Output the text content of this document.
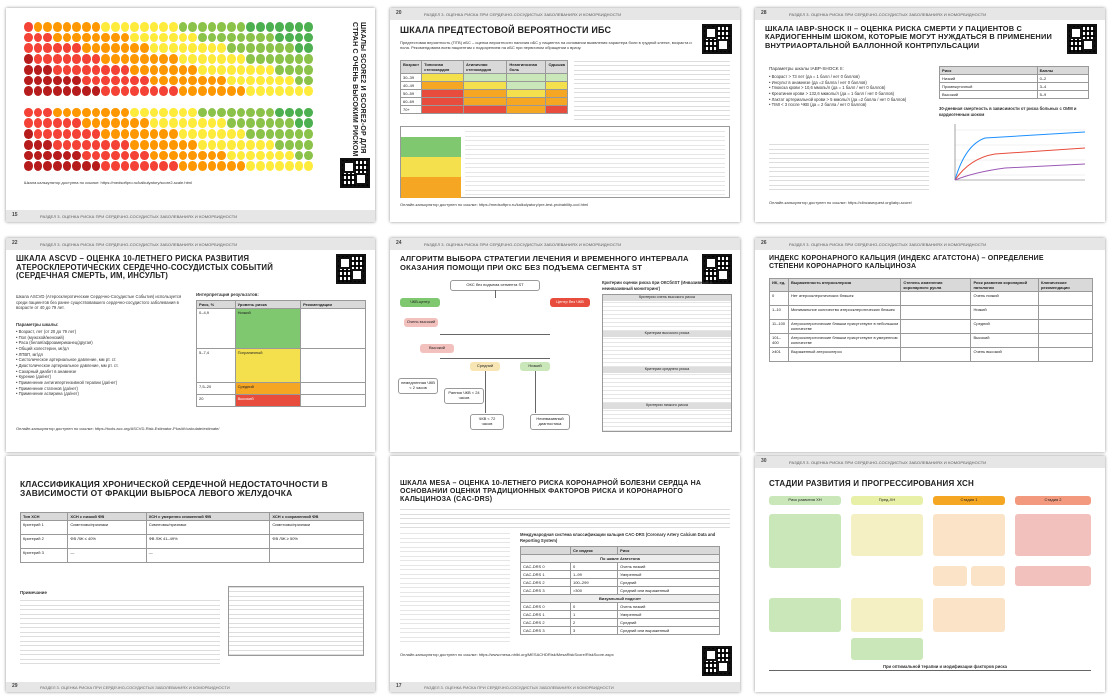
РАЗДЕЛ 3. ОЦЕНКА РИСКА ПРИ СЕРДЕЧНО-СОСУДИСТЫХ ЗАБОЛЕВАНИЯХ И КОМОРБИДНОСТИ
15
ШКАЛЫ SCORE2 И SCORE2-OP ДЛЯ СТРАН С ОЧЕНЬ ВЫСОКИМ РИСКОМ
Шкала калькулятор доступна по ссылке: https://medsoftpro.ru/kalkulyatory/score2-scale.html
РАЗДЕЛ 3. ОЦЕНКА РИСКА ПРИ СЕРДЕЧНО-СОСУДИСТЫХ ЗАБОЛЕВАНИЯХ И КОМОРБИДНОСТИ
20
ШКАЛА ПРЕДТЕСТОВОЙ ВЕРОЯТНОСТИ ИБС
Предтестовая вероятность (ПТВ) иБС – оценка вероятности наличия иБС у пациента на основании выявления характера боли в грудной клетке, возраста и пола. Рекомендована всем пациентам с подозрением на иБС при первичном обращении к врачу.
Возраст	Типичная стенокардия	Атипичная стенокардия	Неангинозная боль	Одышка
30–39				
40–49				
50–59				
60–69				
70+				
Онлайн-калькулятор доступен по ссылке: https://medsoftpro.ru/kalkulyatory/pre-test-probability-ccd.html
РАЗДЕЛ 3. ОЦЕНКА РИСКА ПРИ СЕРДЕЧНО-СОСУДИСТЫХ ЗАБОЛЕВАНИЯХ И КОМОРБИДНОСТИ
28
ШКАЛА IABP-SHOCK II – ОЦЕНКА РИСКА СМЕРТИ У ПАЦИЕНТОВ С КАРДИОГЕННЫМ ШОКОМ, КОТОРЫЕ МОГУТ НУЖДАТЬСЯ В ПРИМЕНЕНИИ ВНУТРИАОРТАЛЬНОЙ БАЛЛОННОЙ КОНТРПУЛЬСАЦИИ
Параметры шкалы IABP-SHOCK II:
• Возраст > 73 лет (да = 1 балл / нет 0 баллов)
• Инсульт в анамнезе (да =2 балла / нет 0 баллов)
• Глюкоза крови > 10,6 ммоль/л (да = 1 балл / нет 0 баллов)
• Креатинин крови > 132,6 мкмоль/л (да = 1 балл / нет 0 баллов)
• Лактат артериальной крови > 5 ммоль/л (да =2 балла / нет 0 баллов)
• ТIMI < 3 после ЧКВ (да = 2 балла / нет 0 баллов)
Риск	Баллы
Низкий	0–2
Промежуточный	3–4
Высокий	5–9
30-дневная смертность в зависимости от риска больных с ОИМ и кардиогенным шоком
Онлайн-калькулятор доступен по ссылке: https://clincasequest.org/iabp-score/
РАЗДЕЛ 3. ОЦЕНКА РИСКА ПРИ СЕРДЕЧНО-СОСУДИСТЫХ ЗАБОЛЕВАНИЯХ И КОМОРБИДНОСТИ
22
ШКАЛА ASCVD – ОЦЕНКА 10-ЛЕТНЕГО РИСКА РАЗВИТИЯ АТЕРОСКЛЕРОТИЧЕСКИХ СЕРДЕЧНО-СОСУДИСТЫХ СОБЫТИЙ (СЕРДЕЧНАЯ СМЕРТЬ, ИМ, ИНСУЛЬТ)
Шкала ASCVD (Атеросклеротические Сердечно-Сосудистые События) используется среди пациентов без ранее существовавшего сердечно-сосудистого заболевания в возрасте от 40 до 79 лет.
Параметры шкалы:
• Возраст, лет (от 20 до 79 лет)
• Пол (мужской/женский)
• Раса (белая/афроамериканец/другая)
• Общий холестерин, мг/дл
• ЛПВП, мг/дл
• Систолическое артериальное давление, мм рт. ст.
• Диастолическое артериальное давление, мм рт. ст.
• Сахарный диабет в анамнезе
• Курение (да/нет)
• Применение антигипертензивной терапии (да/нет)
• Применение статинов (да/нет)
• Применение аспирина (да/нет)
Интерпретация результатов:
Риск, %	Уровень риска	Рекомендации
0–4,9	Низкий	
5–7,4	Пограничный	
7,5–20	Средний	
20	Высокий	
Онлайн-калькулятор доступен по ссылке: https://tools.acc.org/ASCVD-Risk-Estimator-Plus/#!/calculate/estimate/
РАЗДЕЛ 3. ОЦЕНКА РИСКА ПРИ СЕРДЕЧНО-СОСУДИСТЫХ ЗАБОЛЕВАНИЯХ И КОМОРБИДНОСТИ
24
АЛГОРИТМ ВЫБОРА СТРАТЕГИИ ЛЕЧЕНИЯ И ВРЕМЕННОГО ИНТЕРВАЛА ОКАЗАНИЯ ПОМОЩИ ПРИ ОКС БЕЗ ПОДЪЕМА СЕГМЕНТА ST
ОКС без подъема сегмента ST
ЧКВ-центр	Центр без ЧКВ
Очень высокий
Высокий
Средний	Низкий
немедленная ЧКВ < 2 часов
Ранняя ЧКВ < 24 часов
ЧКВ < 72 часов
Неинвазивный диагностика
Критерии оценки риска при ОКСбпST (Инвазивный и неинвазивный мониторинг)
Критерии очень высокого риска
Критерии высокого риска
Критерии среднего риска
Критерии низкого риска
РАЗДЕЛ 3. ОЦЕНКА РИСКА ПРИ СЕРДЕЧНО-СОСУДИСТЫХ ЗАБОЛЕВАНИЯХ И КОМОРБИДНОСТИ
26
ИНДЕКС КОРОНАРНОГО КАЛЬЦИЯ (ИНДЕКС АГАТСТОНА) – ОПРЕДЕЛЕНИЕ СТЕПЕНИ КОРОНАРНОГО КАЛЬЦИНОЗА
ИК, ед.	Выраженность атеросклероза	Степень изменения коронарного русла	Риск развития коронарной патологии	Клинические рекомендации
0	Нет атеросклеротических бляшек		Очень низкий	
1–10	Минимальное количество атеросклеротических бляшек		Низкий	
11–100	Атеросклеротические бляшки присутствуют в небольшом количестве		Средний	
101–400	Атеросклеротические бляшки присутствуют в умеренном количестве		Высокий	
≥401	Выраженный атеросклероз		Очень высокий	
КЛАССИФИКАЦИЯ ХРОНИЧЕСКОЙ СЕРДЕЧНОЙ НЕДОСТАТОЧНОСТИ В ЗАВИСИМОСТИ ОТ ФРАКЦИИ ВЫБРОСА ЛЕВОГО ЖЕЛУДОЧКА
Тип ХСН	ХСН с низкой ФВ	ХСН с умеренно сниженной ФВ	ХСН с сохраненной ФВ
Критерий 1	Симптомы/признаки	Симптомы/признаки	Симптомы/признаки
Критерий 2	ФВ ЛЖ ≤ 40%	ФВ ЛЖ 41–49%	ФВ ЛЖ ≥ 50%
Критерий 3	—	—	
Примечание
РАЗДЕЛ 3. ОЦЕНКА РИСКА ПРИ СЕРДЕЧНО-СОСУДИСТЫХ ЗАБОЛЕВАНИЯХ И КОМОРБИДНОСТИ
29
ШКАЛА MESA – ОЦЕНКА 10-ЛЕТНЕГО РИСКА КОРОНАРНОЙ БОЛЕЗНИ СЕРДЦА НА ОСНОВАНИИ ОЦЕНКИ ТРАДИЦИОННЫХ ФАКТОРОВ РИСКА И КОРОНАРНОГО КАЛЬЦИНОЗА (CAC-DRS)
Международная система классификации кальция CAC-DRS (Coronary Artery Calcium Data and Reporting System)
	Се индекс	Риск
По шкале Агатстона		
CAC-DRS 0	0	Очень низкий
CAC-DRS 1	1–99	Умеренный
CAC-DRS 2	100–299	Средний
CAC-DRS 3	>300	Средний или выраженный
Визуальный подсчет		
CAC-DRS 0	0	Очень низкий
CAC-DRS 1	1	Умеренный
CAC-DRS 2	2	Средний
CAC-DRS 3	3	Средний или выраженный
Онлайн-калькулятор доступен по ссылке: https://www.mesa-nhlbi.org/MESACHDRisk/MesaRiskScore/RiskScore.aspx
РАЗДЕЛ 3. ОЦЕНКА РИСКА ПРИ СЕРДЕЧНО-СОСУДИСТЫХ ЗАБОЛЕВАНИЯХ И КОМОРБИДНОСТИ
17
РАЗДЕЛ 3. ОЦЕНКА РИСКА ПРИ СЕРДЕЧНО-СОСУДИСТЫХ ЗАБОЛЕВАНИЯХ И КОМОРБИДНОСТИ
30
СТАДИИ РАЗВИТИЯ И ПРОГРЕССИРОВАНИЯ ХСН
Риск развития ХН	Пред-ХН	Стадия 1	Стадия 2
При оптимальной терапии и модификации факторов риска
